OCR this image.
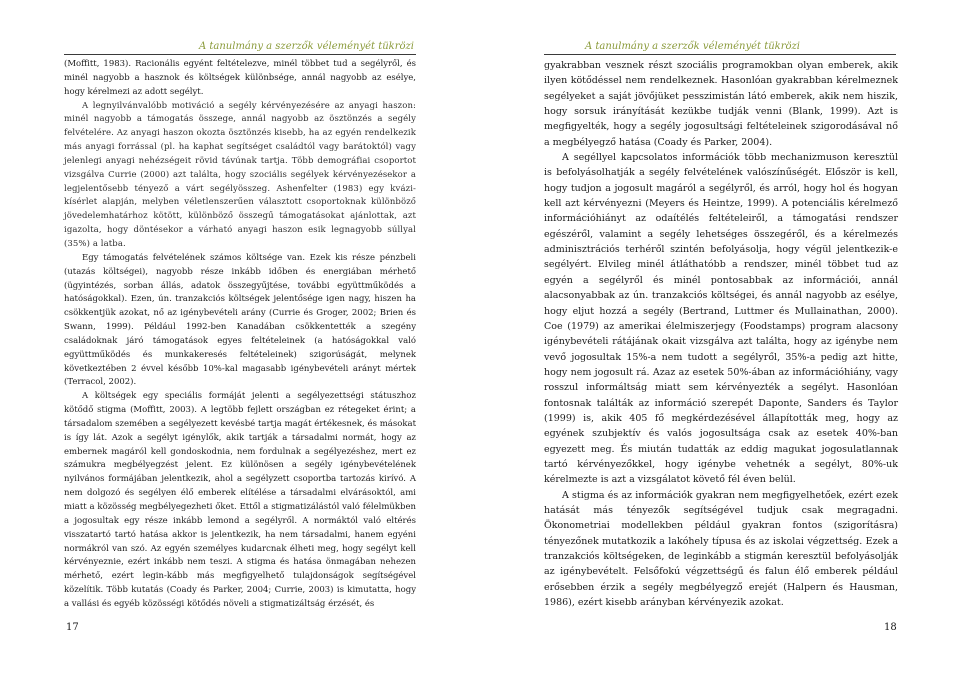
A tanulmány a szerzők véleményét tükrözi

(Moffitt, 1983). Racionális egyént feltételezve, minél többet tud a segélyről, és minél nagyobb a hasznok és költségek különbsége, annál nagyobb az esélye, hogy kérelmezi az adott segélyt.

A legnyilvánvalóbb motiváció a segély kérvényezésére az anyagi haszon: minél nagyobb a támogatás összege, annál nagyobb az ösztönzés a segély felvételére. Az anyagi haszon okozta ösztönzés kisebb, ha az egyén rendelkezik más anyagi forrással (pl. ha kaphat segítséget családtól vagy barátoktól) vagy jelenlegi anyagi nehézségeit rövid távúnak tartja. Több demográfiai csoportot vizsgálva Currie (2000) azt találta, hogy szociális segélyek kérvényezésekor a legjelentősebb tényező a várt segélyösszeg. Ashenfelter (1983) egy kvázi-kísérlet alapján, melyben véletlenszerűen választott csoportoknak különböző jövedelemhatárhoz kötött, különböző összegű támogatásokat ajánlottak, azt igazolta, hogy döntésekor a várható anyagi haszon esik legnagyobb súllyal (35%) a latba.

Egy támogatás felvételének számos költsége van. Ezek kis része pénzbeli (utazás költségei), nagyobb része inkább időben és energiában mérhető (ügyintézés, sorban állás, adatok összegyűjtése, további együttműködés a hatóságokkal). Ezen, ún. tranzakciós költségek jelentősége igen nagy, hiszen ha csökkentjük azokat, nő az igénybevételi arány (Currie és Groger, 2002; Brien és Swann, 1999). Például 1992-ben Kanadában csökkentették a szegény családoknak járó támogatások egyes feltételeinek (a hatóságokkal való együttműködés és munkakeresés feltételeinek) szigorúságát, melynek következtében 2 évvel később 10%-kal magasabb igénybevételi arányt mértek (Terracol, 2002).

A költségek egy speciális formáját jelenti a segélyezettségi státuszhoz kötődő stigma (Moffitt, 2003). A legtöbb fejlett országban ez rétegeket érint; a társadalom szemében a segélyezett kevésbé tartja magát értékesnek, és másokat is így lát. Azok a segélyt igénylők, akik tartják a társadalmi normát, hogy az embernek magáról kell gondoskodnia, nem fordulnak a segélyezéshez, mert ez számukra megbélyegzést jelent. Ez különösen a segély igénybevételének nyilvános formájában jelentkezik, ahol a segélyzett csoportba tartozás kirívó. A nem dolgozó és segélyen élő emberek elítélése a társadalmi elvárásoktól, ami miatt a közösség megbélyegezheti őket. Ettől a stigmatizálástól való félelmükben a jogosultak egy része inkább lemond a segélyről. A normáktól való eltérés visszatartó tartó hatása akkor is jelentkezik, ha nem társadalmi, hanem egyéni normákról van szó. Az egyén személyes kudarcnak élheti meg, hogy segélyt kell kérvényeznie, ezért inkább nem teszi. A stigma és hatása önmagában nehezen mérhető, ezért legin-kább más megfigyelhető tulajdonságok segítségével közelítik. Több kutatás (Coady és Parker, 2004; Currie, 2003) is kimutatta, hogy a vallási és egyéb közösségi kötődés növeli a stigmatizáltság érzését, és

17
A tanulmány a szerzők véleményét tükrözi

gyakrabban vesznek részt szociális programokban olyan emberek, akik ilyen kötődéssel nem rendelkeznek. Hasonlóan gyakrabban kérelmeznek segélyeket a saját jövőjüket pesszimistán látó emberek, akik nem hiszik, hogy sorsuk irányítását kezükbe tudják venni (Blank, 1999). Azt is megfigyelték, hogy a segély jogosultsági feltételeinek szigorodásával nő a megbélyegző hatása (Coady és Parker, 2004).

A segéllyel kapcsolatos információk több mechanizmuson keresztül is befolyásolhatják a segély felvételének valószínűségét. Először is kell, hogy tudjon a jogosult magáról a segélyről, és arról, hogy hol és hogyan kell azt kérvényezni (Meyers és Heintze, 1999). A potenciális kérelmező információhiányt az odaítélés feltételeiről, a támogatási rendszer egészéről, valamint a segély lehetséges összegéről, és a kérelmezés adminisztrációs terhéről szintén befolyásolja, hogy végül jelentkezik-e segélyért. Elvileg minél átláthatóbb a rendszer, minél többet tud az egyén a segélyről és minél pontosabbak az információi, annál alacsonyabbak az ún. tranzakciós költségei, és annál nagyobb az esélye, hogy eljut hozzá a segély (Bertrand, Luttmer és Mullainathan, 2000). Coe (1979) az amerikai élelmiszerjegy (Foodstamps) program alacsony igénybevételi rátájának okait vizsgálva azt találta, hogy az igénybe nem vevő jogosultak 15%-a nem tudott a segélyről, 35%-a pedig azt hitte, hogy nem jogosult rá. Azaz az esetek 50%-ában az információhiány, vagy rosszul informáltság miatt sem kérvényezték a segélyt. Hasonlóan fontosnak találták az információ szerepét Daponte, Sanders és Taylor (1999) is, akik 405 fő megkérdezésével állapították meg, hogy az egyének szubjektív és valós jogosultsága csak az esetek 40%-ban egyezett meg. És miután tudatták az eddig magukat jogosulatlannak tartó kérvényezőkkel, hogy igénybe vehetnék a segélyt, 80%-uk kérelmezte is azt a vizsgálatot követő fél éven belül.

A stigma és az információk gyakran nem megfigyelhetőek, ezért ezek hatását más tényezők segítségével tudjuk csak megragadni. Ökonometriai modellekben például gyakran fontos (szigorításra) tényezőnek mutatkozik a lakóhely típusa és az iskolai végzettség. Ezek a tranzakciós költségeken, de leginkább a stigmán keresztül befolyásolják az igénybevételt. Felsőfokú végzettségű és falun élő emberek például erősebben érzik a segély megbélyegző erejét (Halpern és Hausman, 1986), ezért kisebb arányban kérvényezik azokat.

18
